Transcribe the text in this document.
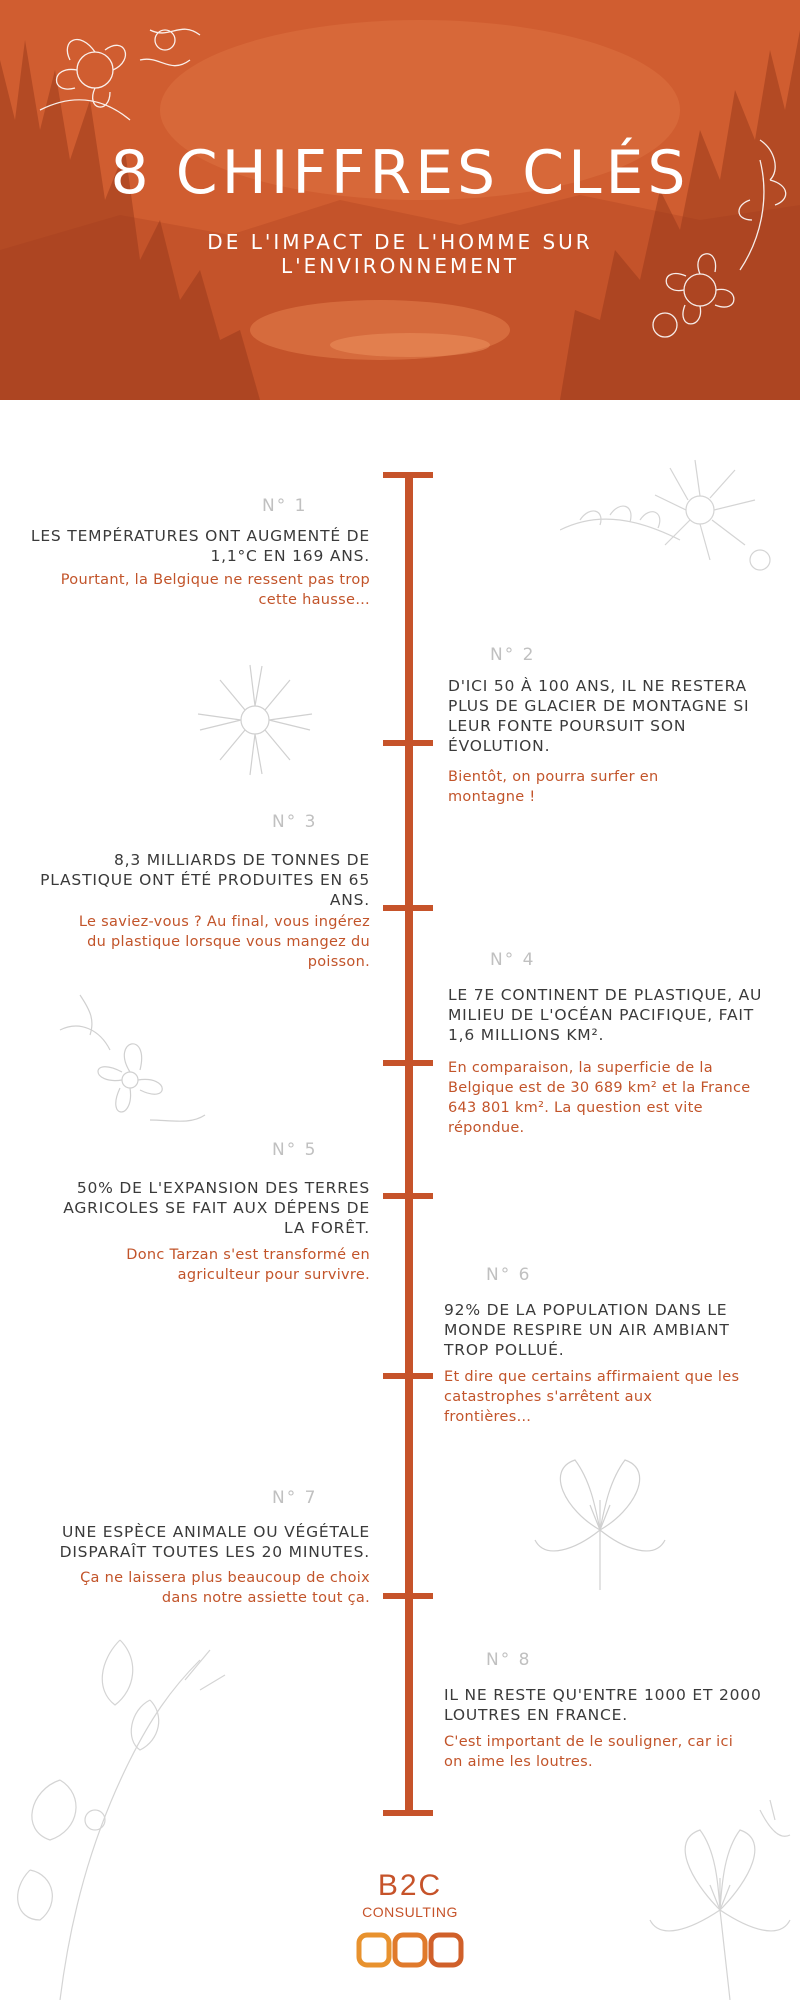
8 CHIFFRES CLÉS

DE L'IMPACT DE L'HOMME SUR L'ENVIRONNEMENT

N° 1
LES TEMPÉRATURES ONT AUGMENTÉ DE 1,1°C EN 169 ANS.
Pourtant, la Belgique ne ressent pas trop cette hausse…
N° 2
D'ICI 50 À 100 ANS, IL NE RESTERA PLUS DE GLACIER DE MONTAGNE SI LEUR FONTE POURSUIT SON ÉVOLUTION.
Bientôt, on pourra surfer en montagne !
N° 3
8,3 MILLIARDS DE TONNES DE PLASTIQUE ONT ÉTÉ PRODUITES EN 65 ANS.
Le saviez-vous ? Au final, vous ingérez du plastique lorsque vous mangez du poisson.	N° 4
LE 7E CONTINENT DE PLASTIQUE, AU MILIEU DE L'OCÉAN PACIFIQUE, FAIT 1,6 MILLIONS KM².
En comparaison, la superficie de la Belgique est de 30 689 km² et la France 643 801 km². La question est vite répondue.
N° 5
50% DE L'EXPANSION DES TERRES AGRICOLES SE FAIT AUX DÉPENS DE LA FORÊT.
Donc Tarzan s'est transformé en agriculteur pour survivre.	N° 6
92% DE LA POPULATION DANS LE MONDE RESPIRE UN AIR AMBIANT TROP POLLUÉ.
Et dire que certains affirmaient que les catastrophes s'arrêtent aux frontières…
N° 7
UNE ESPÈCE ANIMALE OU VÉGÉTALE DISPARAÎT TOUTES LES 20 MINUTES.
Ça ne laissera plus beaucoup de choix dans notre assiette tout ça.
N° 8
IL NE RESTE QU'ENTRE 1000 ET 2000 LOUTRES EN FRANCE.
C'est important de le souligner, car ici on aime les loutres.
B2C
CONSULTING
